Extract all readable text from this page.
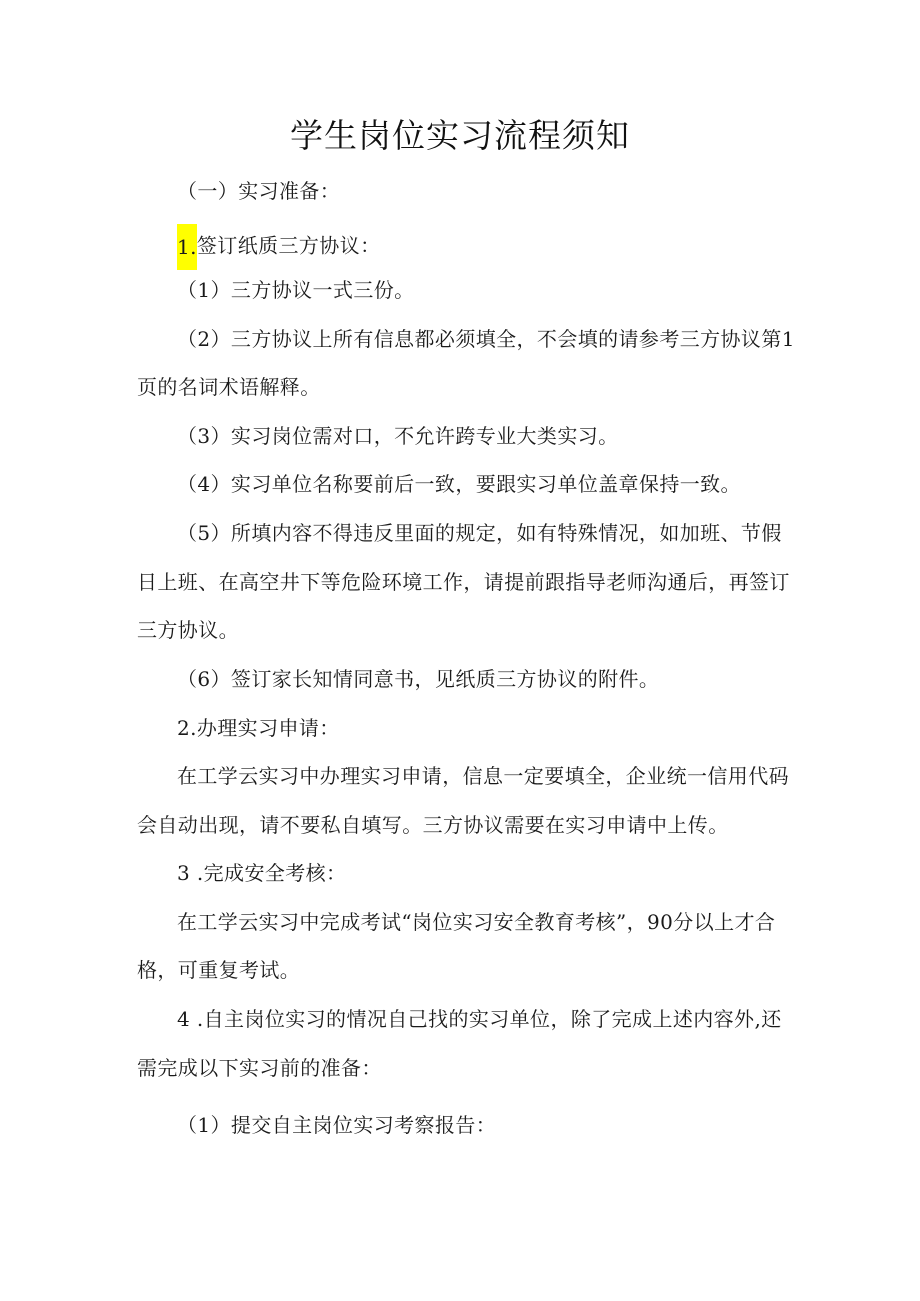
学生岗位实习流程须知

（一）实习准备：

1.签订纸质三方协议：

（1）三方协议一式三份。

（2）三方协议上所有信息都必须填全，不会填的请参考三方协议第1

页的名词术语解释。

（3）实习岗位需对口，不允许跨专业大类实习。

（4）实习单位名称要前后一致，要跟实习单位盖章保持一致。

（5）所填内容不得违反里面的规定，如有特殊情况，如加班、节假

日上班、在高空井下等危险环境工作，请提前跟指导老师沟通后，再签订

三方协议。

（6）签订家长知情同意书，见纸质三方协议的附件。

2.办理实习申请：

在工学云实习中办理实习申请，信息一定要填全，企业统一信用代码

会自动出现，请不要私自填写。三方协议需要在实习申请中上传。

3 .完成安全考核：

在工学云实习中完成考试“岗位实习安全教育考核”，90分以上才合

格，可重复考试。

4 .自主岗位实习的情况自己找的实习单位，除了完成上述内容外,还

需完成以下实习前的准备：

（1）提交自主岗位实习考察报告：
